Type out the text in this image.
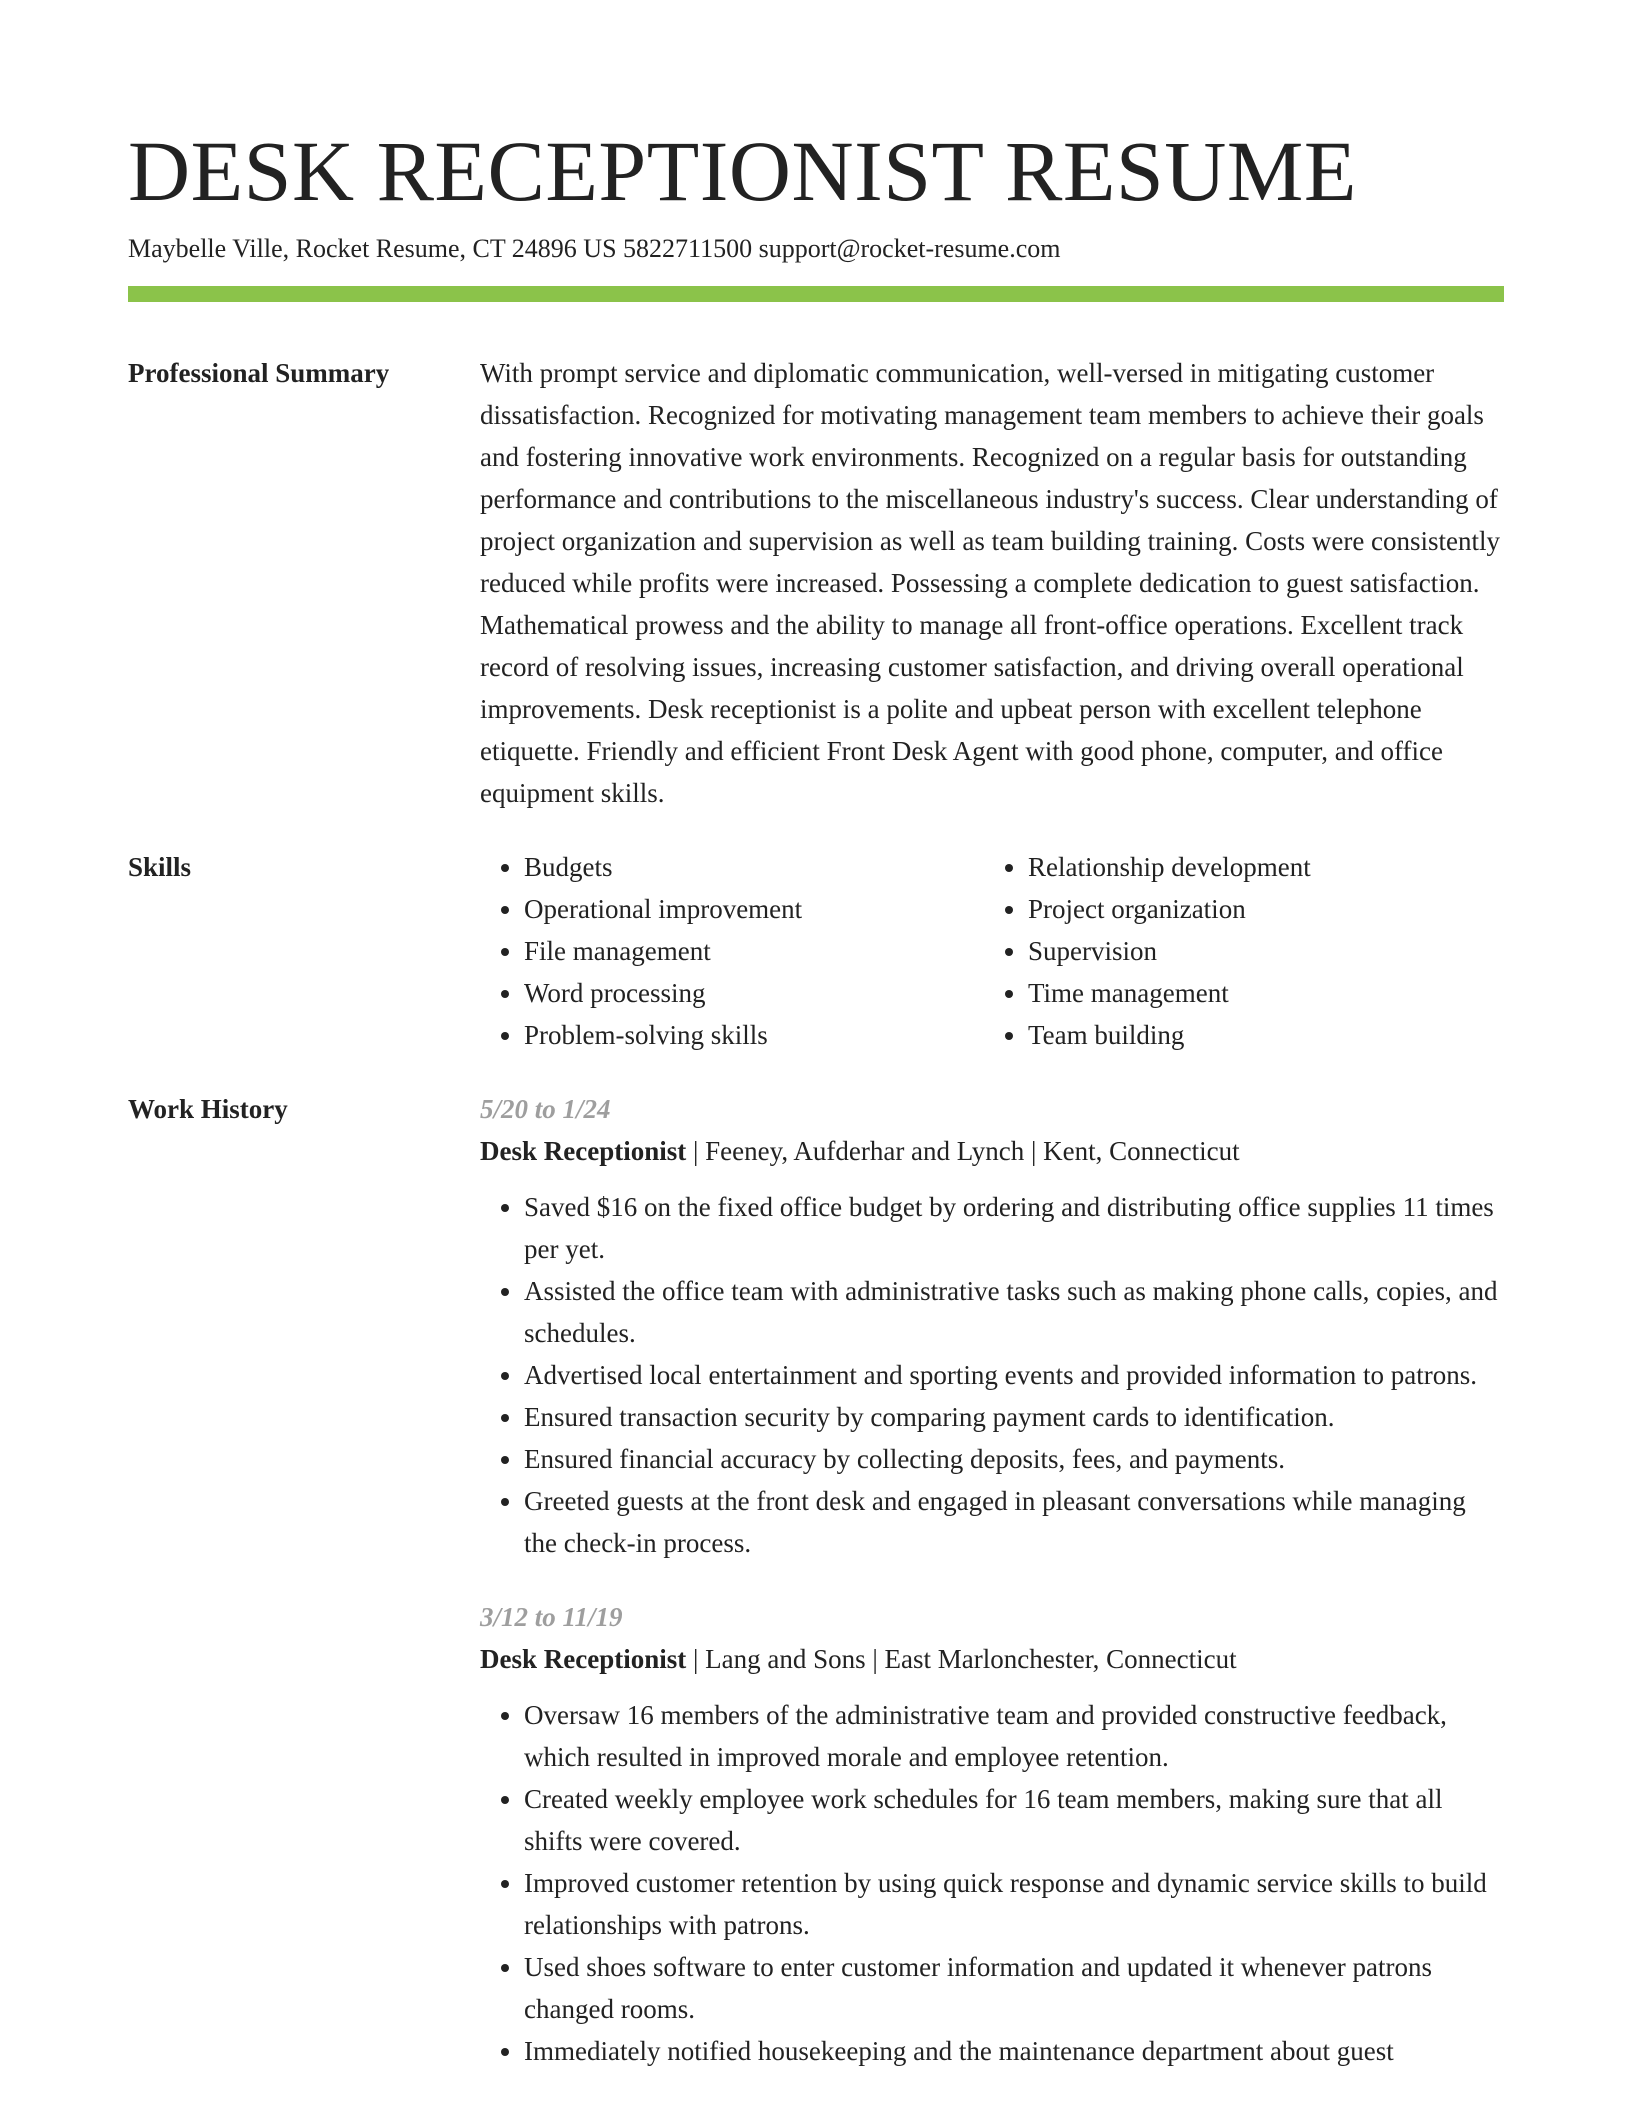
DESK RECEPTIONIST RESUME
Maybelle Ville, Rocket Resume, CT 24896 US 5822711500 support@rocket-resume.com
Professional Summary	With prompt service and diplomatic communication, well-versed in mitigating customer dissatisfaction. Recognized for motivating management team members to achieve their goals and fostering innovative work environments. Recognized on a regular basis for outstanding performance and contributions to the miscellaneous industry's success. Clear understanding of project organization and supervision as well as team building training. Costs were consistently reduced while profits were increased. Possessing a complete dedication to guest satisfaction. Mathematical prowess and the ability to manage all front-office operations. Excellent track record of resolving issues, increasing customer satisfaction, and driving overall operational improvements. Desk receptionist is a polite and upbeat person with excellent telephone etiquette. Friendly and efficient Front Desk Agent with good phone, computer, and office equipment skills.
Skills
•	Budgets
• Operational improvement
• File management
• Word processing
• Problem-solving skills
• Relationship development
• Project organization
• Supervision
• Time management
• Team building
Work History	5/20 to 1/24
Desk Receptionist | Feeney, Aufderhar and Lynch | Kent, Connecticut
• Saved $16 on the fixed office budget by ordering and distributing office supplies 11 times per yet.
• Assisted the office team with administrative tasks such as making phone calls, copies, and schedules.
• Advertised local entertainment and sporting events and provided information to patrons.
• Ensured transaction security by comparing payment cards to identification.
• Ensured financial accuracy by collecting deposits, fees, and payments.
• Greeted guests at the front desk and engaged in pleasant conversations while managing the check-in process.
3/12 to 11/19
Desk Receptionist | Lang and Sons | East Marlonchester, Connecticut
• Oversaw 16 members of the administrative team and provided constructive feedback, which resulted in improved morale and employee retention.
• Created weekly employee work schedules for 16 team members, making sure that all shifts were covered.
• Improved customer retention by using quick response and dynamic service skills to build relationships with patrons.
• Used shoes software to enter customer information and updated it whenever patrons changed rooms.
• Immediately notified housekeeping and the maintenance department about guest
